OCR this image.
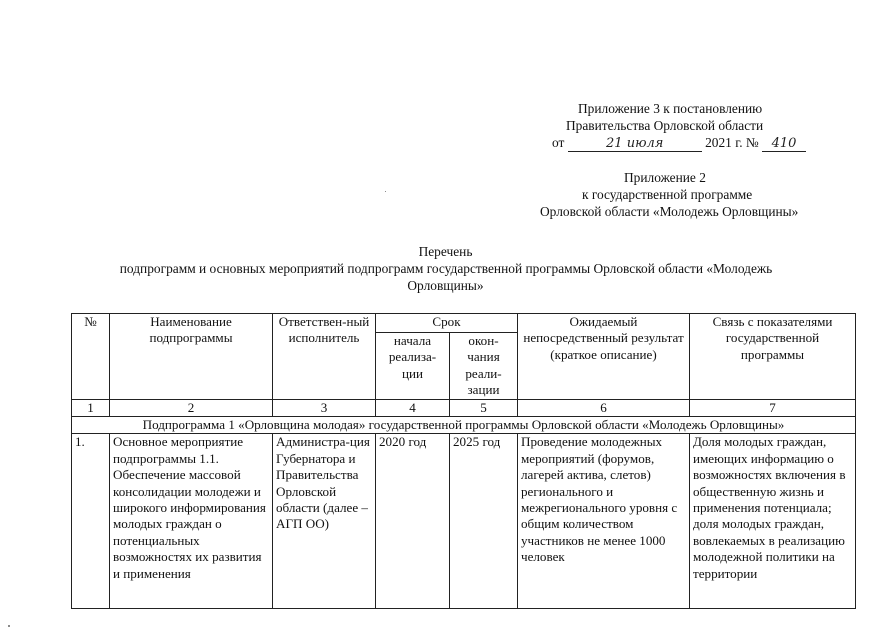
Приложение 3 к постановлению
Правительства Орловской области
от	21 июля	2021 г. № 410
Приложение 2
к государственной программе
Орловской области «Молодежь Орловщины»
Перечень
подпрограмм и основных мероприятий подпрограмм государственной программы Орловской области «Молодежь
Орловщины»
№	Наименование подпрограммы	Ответствен-ный исполнитель	Срок		Ожидаемый непосредственный результат (краткое описание)	Связь с показателями государственной программы
			начала реализа-ции	окон-чания реали-зации		
1	2	3	4	5	6	7
Подпрограмма 1 «Орловщина молодая» государственной программы Орловской области «Молодежь Орловщины»						
1.	Основное мероприятие подпрограммы 1.1. Обеспечение массовой консолидации молодежи и широкого информирования молодых граждан о потенциальных возможностях их развития и применения	Администра-ция Губернатора и Правительства Орловской области (далее – АГП ОО)	2020 год	2025 год	Проведение молодежных мероприятий (форумов, лагерей актива, слетов) регионального и межрегионального уровня с общим количеством участников не менее 1000 человек	Доля молодых граждан, имеющих информацию о возможностях включения в общественную жизнь и применения потенциала; доля молодых граждан, вовлекаемых в реализацию молодежной политики на территории
